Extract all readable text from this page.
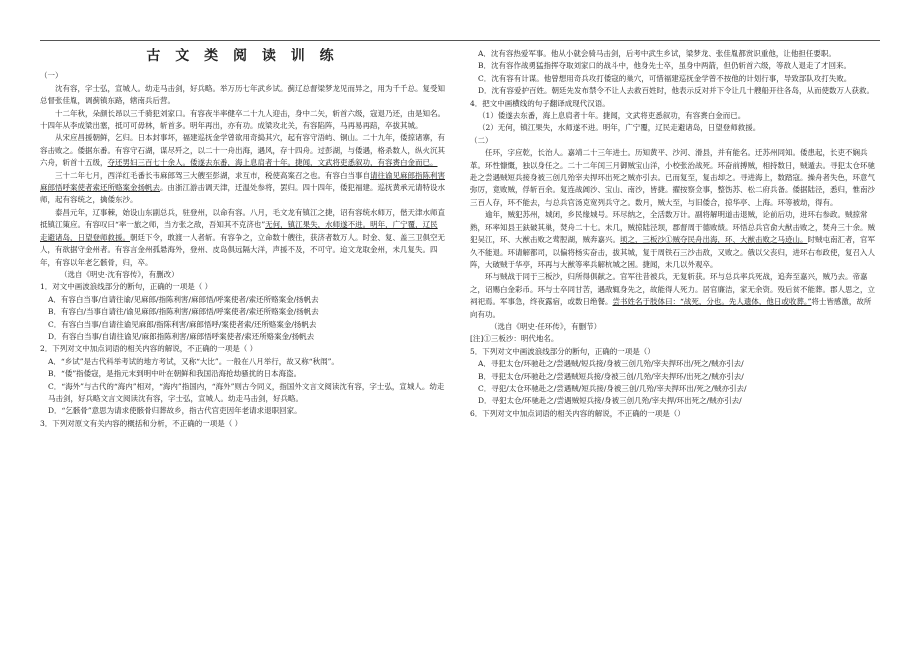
古 文 类 阅 读 训 练
（一）

沈有容，字士弘，宣城人。幼走马击剑，好兵略。举万历七年武乡试。蓟辽总督梁梦龙见而异之，用为千千总。复受知总督张佳胤，调蓟镇东路，辖南兵后营。

十二年秋，朵颜长昂以三千骑犯刘家口。有容夜半率健卒二十九人迎击，身中二矢，斩首六级，寇退乃还，由是知名。十四年从李成梁出塞，抵可可毋林，斩首多。明年再出，亦有功。成梁攻北关，有容陷阵，马再易再踣，卒拔其城。

从宋应昌援朝鲜，乞归。日本封事坏，福建巡抚金学曾欲用奇捣其穴，起有容守浯屿、铜山。二十九年，倭掠诸寨，有容击败之。倭据东番。有容守石湖，谋尽歼之，以二十一舟出海，遇风，存十四舟。过彭湖，与倭遇，格杀数人，纵火沉其六舟，斩首十五级，夺还男妇三百七十余人。倭遂去东番，海上息肩者十年。捷闻，文武将吏悉叙功，有容赉白金而已。

三十二年七月，西洋红毛番长韦麻郎驾三大艘至彭湖，求互市，税使高案召之也。有容白当事自请往谕见麻郎指陈利害麻郎悟呼案使者索还所赂案金扬帆去。由浙江游击调天津，迁温处参将，罢归。四十四年，倭犯福建。巡抚黄承元请特设水师，起有容统之，擒倭东沙。

泰昌元年，辽事棘，始设山东副总兵，驻登州，以命有容。八月，毛文龙有镇江之捷，诏有容统水师万，偕天津水师直抵镇江策应。有容叹曰“率一旅之师，当方张之敌，吾知其不克济也”无何，镇江果失，水师遂不进。明年，广宁覆，辽民走避诸岛，日望登师救援。朝廷下令，敢渡一人者斩。有容争之，立命数十艘往，获济者数万人。时金、复、盖三卫俱空无人，有欲据守金州者。有容言金州孤悬海外，登州、皮岛俱远隔大洋，声援不及，不可守。迨文龙取金州，未几复失。四年，有容以年老乞骸骨，归，卒。

（选自《明史·沈有容传》，有删改）
1．对文中画波浪线部分的断句，正确的一项是（ ）
A．有容白当事/自请往谕/见麻郎/指陈利害/麻郎悟/呼案使者/索还所赂案金/扬帆去
B．有容白/当事自请往/谕见麻郎/指陈利害/麻郎悟/呼案使者/索还所赂案金/扬帆去
C．有容白当事/自请往谕见麻郎/指陈利害/麻郎悟呼/案使者索/还所赂案金/扬帆去
D．有容白当事/自请往谕见/麻郎指陈利害/麻郎悟呼案使者/索还所赂案金/扬帆去
2．下列对文中加点词语的相关内容的解说，不正确的一项是（ ）
A．“乡试”是古代科举考试的地方考试，又称“大比”。一般在八月举行，故又称“秋闱”。
B．“倭”指倭寇，是指元末到明中叶在朝鲜和我国沿海抢劫骚扰的日本海盗。
C．“海外”与古代的“海内”相对，“海内”指国内，“海外”则古今同义，指国外文言文阅读沈有容，字士弘，宣城人。幼走马击剑，好兵略文言文阅读沈有容，字士弘，宣城人。幼走马击剑，好兵略。
D．“乞骸骨”意思为请求使骸骨归葬故乡，指古代官吏因年老请求退职回家。
3．下列对原文有关内容的概括和分析，不正确的一项是（ ）
A．沈有容热爱军事。他从小就会骑马击剑，后考中武生乡试，梁梦龙、张佳胤都赏识重他，让他担任要职。
B．沈有容作战勇猛指挥夺取刘家口的战斗中，他身先士卒，虽身中两箭，但仍斩首六级，等敌人退走了才回来。
C．沈有容有计谋。他曾想用奇兵攻打倭寇的巢穴，可惜福建巡抚金学曾不按他的计划行事，导致部队攻打失败。
D．沈有容爱护百姓。朝廷先发布禁令不让人去救百姓时，他表示反对并下令让几十艘船开往各岛，从而使数万人获救。
4．把文中画横线的句子翻译成现代汉语。
（1）倭遂去东番，海上息肩者十年。捷闻，文武将吏悉叙功，有容赉白金而已。
（2）无何，镇江果失，水师遂不进。明年，广宁覆，辽民走避诸岛，日望登师救援。
（二）

任环，字应乾，长治人。嘉靖二十三年进士。历知黄平、沙河、滑县，并有能名。迁苏州同知。倭患起，长吏不娴兵革。环性慷慨，独以身任之。二十二年闰三月御贼宝山洋，小校张治战死。环奋前搏贼，相持数日，贼遁去。寻犯太仓环驰赴之尝遇贼短兵接身被三创几殆宰夫捍环出死之贼亦引去。已而复至，复击却之。寻进海上，数踏寇。操舟者失色，环意气弥厉，竟败贼，俘斩百余。复连战阊沙、宝山、南沙，皆捷。擢按察佥事，整饬苏、松二府兵备。倭据陆泾，悉归，惟南沙三百人存，环不能去，与总兵官汤克宽列兵守之。数月，贼大至，与旧倭合，掠华亭、上海。环等被劫，得有。

逾年，贼犯苏州，城闭，乡民缘城号。环尽纳之，全活数万计。副将解明道击退贼，论前后功，进环右参政。贼掠常熟，环率知县王鈇破其巢，焚舟二十七。未几，贼掠陆泾坝，郡督周于德败绩。环悟总兵官俞大猷击败之，焚舟三十余。贼犯吴江，环、大猷击败之莺脰湖，贼奔嘉兴。顷之，三板沙①贼夺民舟出海，环、大猷击败之马迹山。时贼屯南汇者，官军久不能退。环请解都司，以偏将杨实奋击，拔其城，复于周铁石三沙击敌，又败之。俄以父丧归，进环右布政使，复召入人阵，大破贼于华亭，环再与大猷等率兵解杭城之困。捷闻，未几以外观卒。

环与贼战于同于三板沙，归所得俱献之。官军往昔被兵，无复斩获。环与总兵率兵死战，追奔至嘉兴，贼乃去。帝嘉之，诏赐白金彩币。环与士卒同甘苦，遇敌辄身先之，故能得人死力。居官廉洁，家无余资。殁后贫不能葬。郡人思之，立祠祀焉。军事急，终夜露宿，或数日绝餐。尝书姓名于肢体曰：“战死，分也。先人遗体，他日或收葬。”将士皆感激，故所向有功。

（选自《明史·任环传》，有删节）
[注]①三板沙：明代地名。
5．下列对文中画波浪线部分的断句，正确的一项是（）
A．寻犯太仓/环驰赴之/尝遇贼/短兵接/身被三创几殆/宰夫捍环出/死之/贼亦引去/
B．寻犯太仓/环驰赴之/尝遇贼短兵接/身被三创/几殆/宰夫捍环/出死之/贼亦引去/
C．寻犯/太仓环驰赴之/尝遇贼/短兵接/身被三创/几殆/宰夫捍环出/死之/贼亦引去/
D．寻犯太仓/环驰赴之/尝遇贼短兵接/身被三创几殆/宰夫捍/环出死之/贼亦引去/
6．下列对文中加点词语的相关内容的解说，不正确的一项是（）
